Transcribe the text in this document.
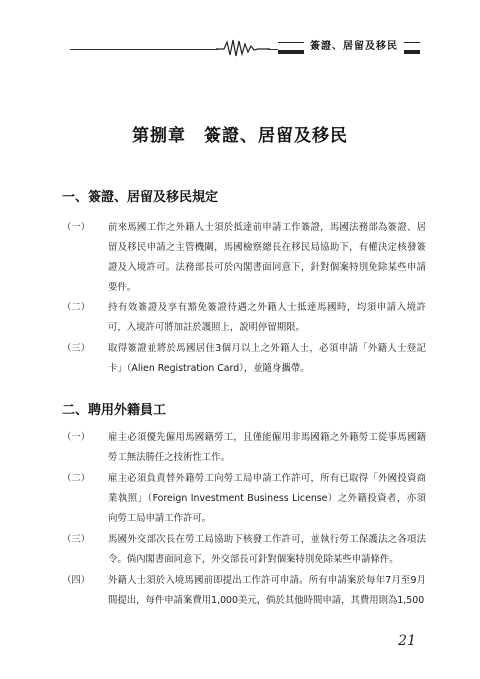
簽證、居留及移民
第捌章　簽證、居留及移民
一、簽證、居留及移民規定
（一）	前來馬國工作之外籍人士須於抵達前申請工作簽證，馬國法務部為簽證、居留及移民申請之主管機關，馬國檢察總長在移民局協助下，有權決定核發簽證及入境許可。法務部長可於內閣書面同意下，針對個案特別免除某些申請要件。
（二）	持有效簽證及享有豁免簽證待遇之外籍人士抵達馬國時，均須申請入境許可，入境許可將加註於護照上，說明停留期限。
（三）	取得簽證並將於馬國居住3個月以上之外籍人士，必須申請「外籍人士登記卡」（Alien Registration Card），並隨身攜帶。
二、聘用外籍員工
（一）	雇主必須優先僱用馬國籍勞工，且僅能僱用非馬國籍之外籍勞工從事馬國籍勞工無法勝任之技術性工作。
（二）	雇主必須負責替外籍勞工向勞工局申請工作許可，所有已取得「外國投資商業執照」（Foreign Investment Business License）之外籍投資者，亦須向勞工局申請工作許可。
（三）	馬國外交部次長在勞工局協助下核發工作許可，並執行勞工保護法之各項法令。倘內閣書面同意下，外交部長可針對個案特別免除某些申請條件。
（四）	外籍人士須於入境馬國前即提出工作許可申請。所有申請案於每年7月至9月間提出，每件申請案費用1,000美元，倘於其他時間申請，其費用則為1,500
21
